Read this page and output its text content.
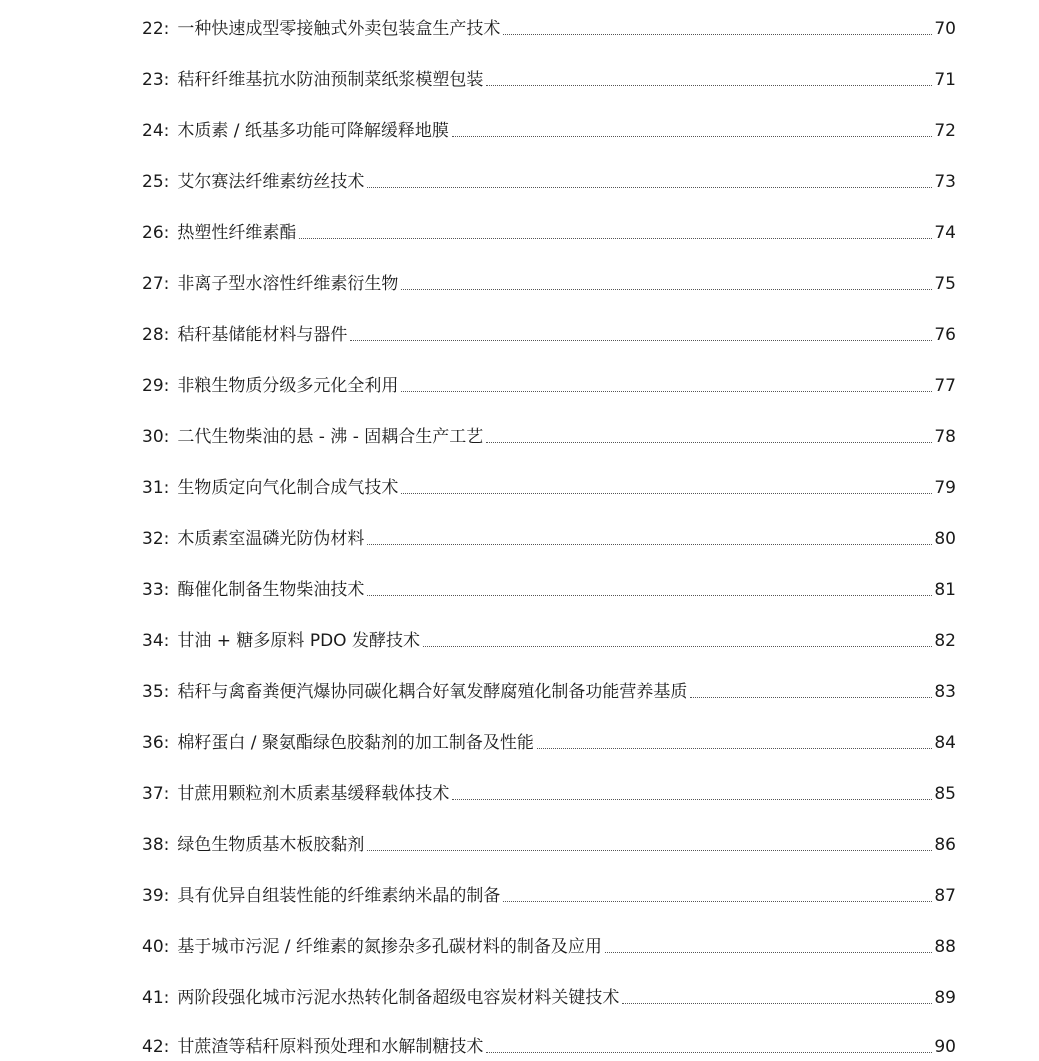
22: 一种快速成型零接触式外卖包装盒生产技术	70
23: 秸秆纤维基抗水防油预制菜纸浆模塑包装	71
24: 木质素 / 纸基多功能可降解缓释地膜	72
25: 艾尔赛法纤维素纺丝技术	73
26: 热塑性纤维素酯	74
27: 非离子型水溶性纤维素衍生物	75
28: 秸秆基储能材料与器件	76
29: 非粮生物质分级多元化全利用	77
30: 二代生物柴油的悬 - 沸 - 固耦合生产工艺	78
31: 生物质定向气化制合成气技术	79
32: 木质素室温磷光防伪材料	80
33: 酶催化制备生物柴油技术	81
34: 甘油 + 糖多原料 PDO 发酵技术	82
35: 秸秆与禽畜粪便汽爆协同碳化耦合好氧发酵腐殖化制备功能营养基质	83
36: 棉籽蛋白 / 聚氨酯绿色胶黏剂的加工制备及性能	84
37: 甘蔗用颗粒剂木质素基缓释载体技术	85
38: 绿色生物质基木板胶黏剂	86
39: 具有优异自组装性能的纤维素纳米晶的制备	87
40: 基于城市污泥 / 纤维素的氮掺杂多孔碳材料的制备及应用	88
41: 两阶段强化城市污泥水热转化制备超级电容炭材料关键技术	89
42: 甘蔗渣等秸秆原料预处理和水解制糖技术	90
